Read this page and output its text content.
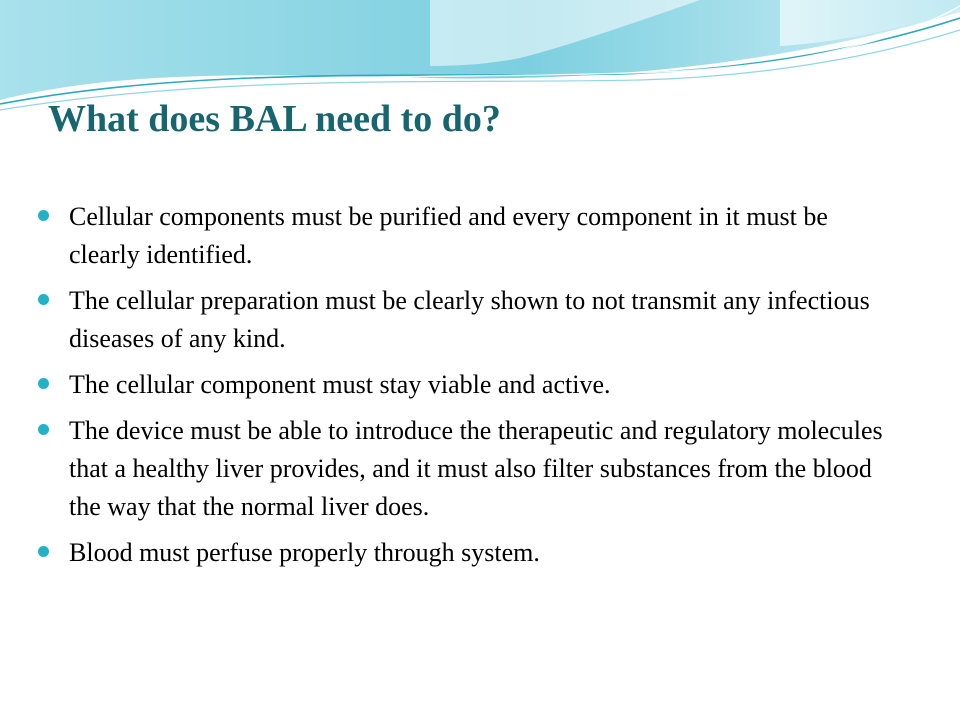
What does BAL need to do?
Cellular components must be purified and every component in it must be clearly identified.
The cellular preparation must be clearly shown to not transmit any infectious diseases of any kind.
The cellular component must stay viable and active.
The device must be able to introduce the therapeutic and regulatory molecules that a healthy liver provides, and it must also filter substances from the blood the way that the normal liver does.
Blood must perfuse properly through system.
